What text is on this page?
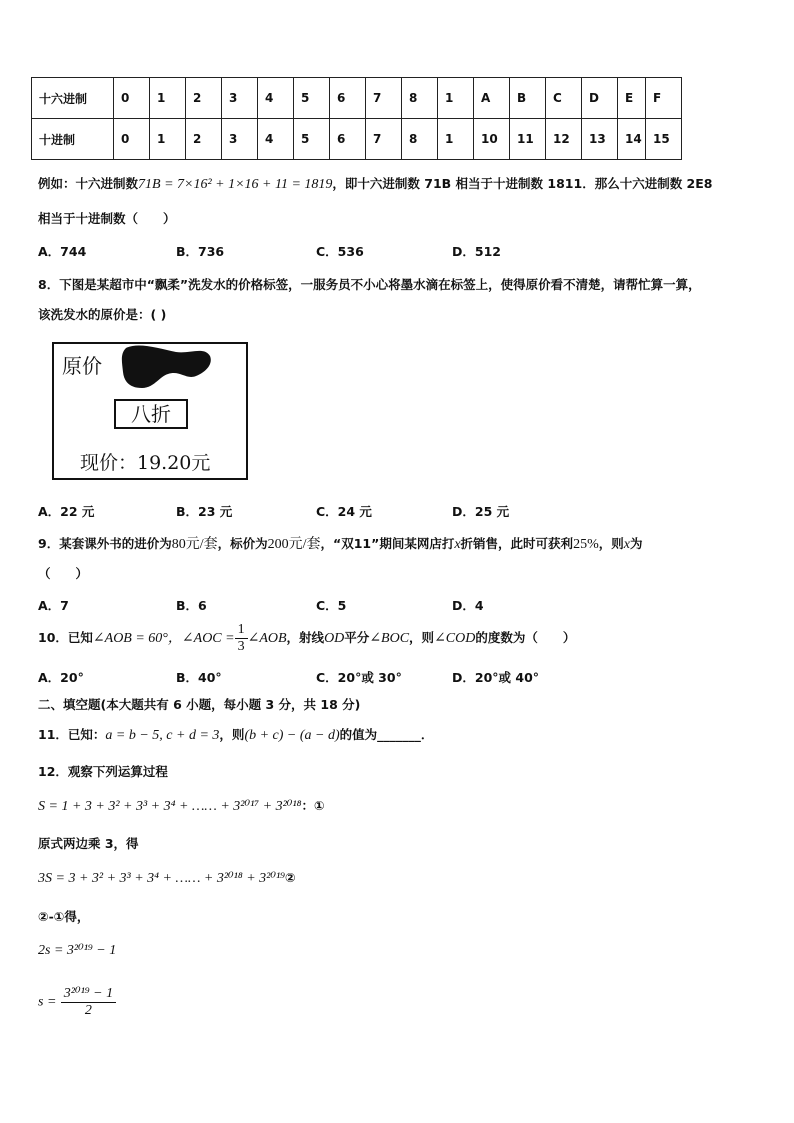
十六进制	0	1	2	3	4	5	6	7	8	1	A	B	C	D	E	F
十进制	0	1	2	3	4	5	6	7	8	1	10	11	12	13	14	15
例如：十六进制数71B = 7×16² + 1×16 + 11 = 1819，即十六进制数 71B 相当于十进制数 1811．那么十六进制数 2E8
相当于十进制数（　　）
A．744	B．736	C．536	D．512
8．下图是某超市中“飘柔”洗发水的价格标签，一服务员不小心将墨水滴在标签上，使得原价看不清楚，请帮忙算一算，
该洗发水的原价是：( )
原价
八折
现价：19.20元
A．22 元	B．23 元	C．24 元	D．25 元
9．某套课外书的进价为80元/套，标价为200元/套，“双11”期间某网店打x折销售，此时可获利25%，则x为
（　　）
A．7	B．6	C．5	D．4
10．已知∠AOB = 60°，∠AOC = $\frac{1}{3}$ ∠AOB，射线OD平分∠BOC，则∠COD的度数为（　　）
A．20°	B．40°	C．20°或 30°	D．20°或 40°
二、填空题(本大题共有 6 小题，每小题 3 分，共 18 分)
11．已知：a = b − 5, c + d = 3，则(b + c) − (a − d)的值为_______．
12．观察下列运算过程
S = 1 + 3 + 3² + 3³ + 3⁴ + …… + 3²⁰¹⁷ + 3²⁰¹⁸：①
原式两边乘 3，得
3S = 3 + 3² + 3³ + 3⁴ + …… + 3²⁰¹⁸ + 3²⁰¹⁹②
②-①得，
2s = 3²⁰¹⁹ − 1
$s = \frac{\text{3²⁰¹⁹ − 1}}{2}$
